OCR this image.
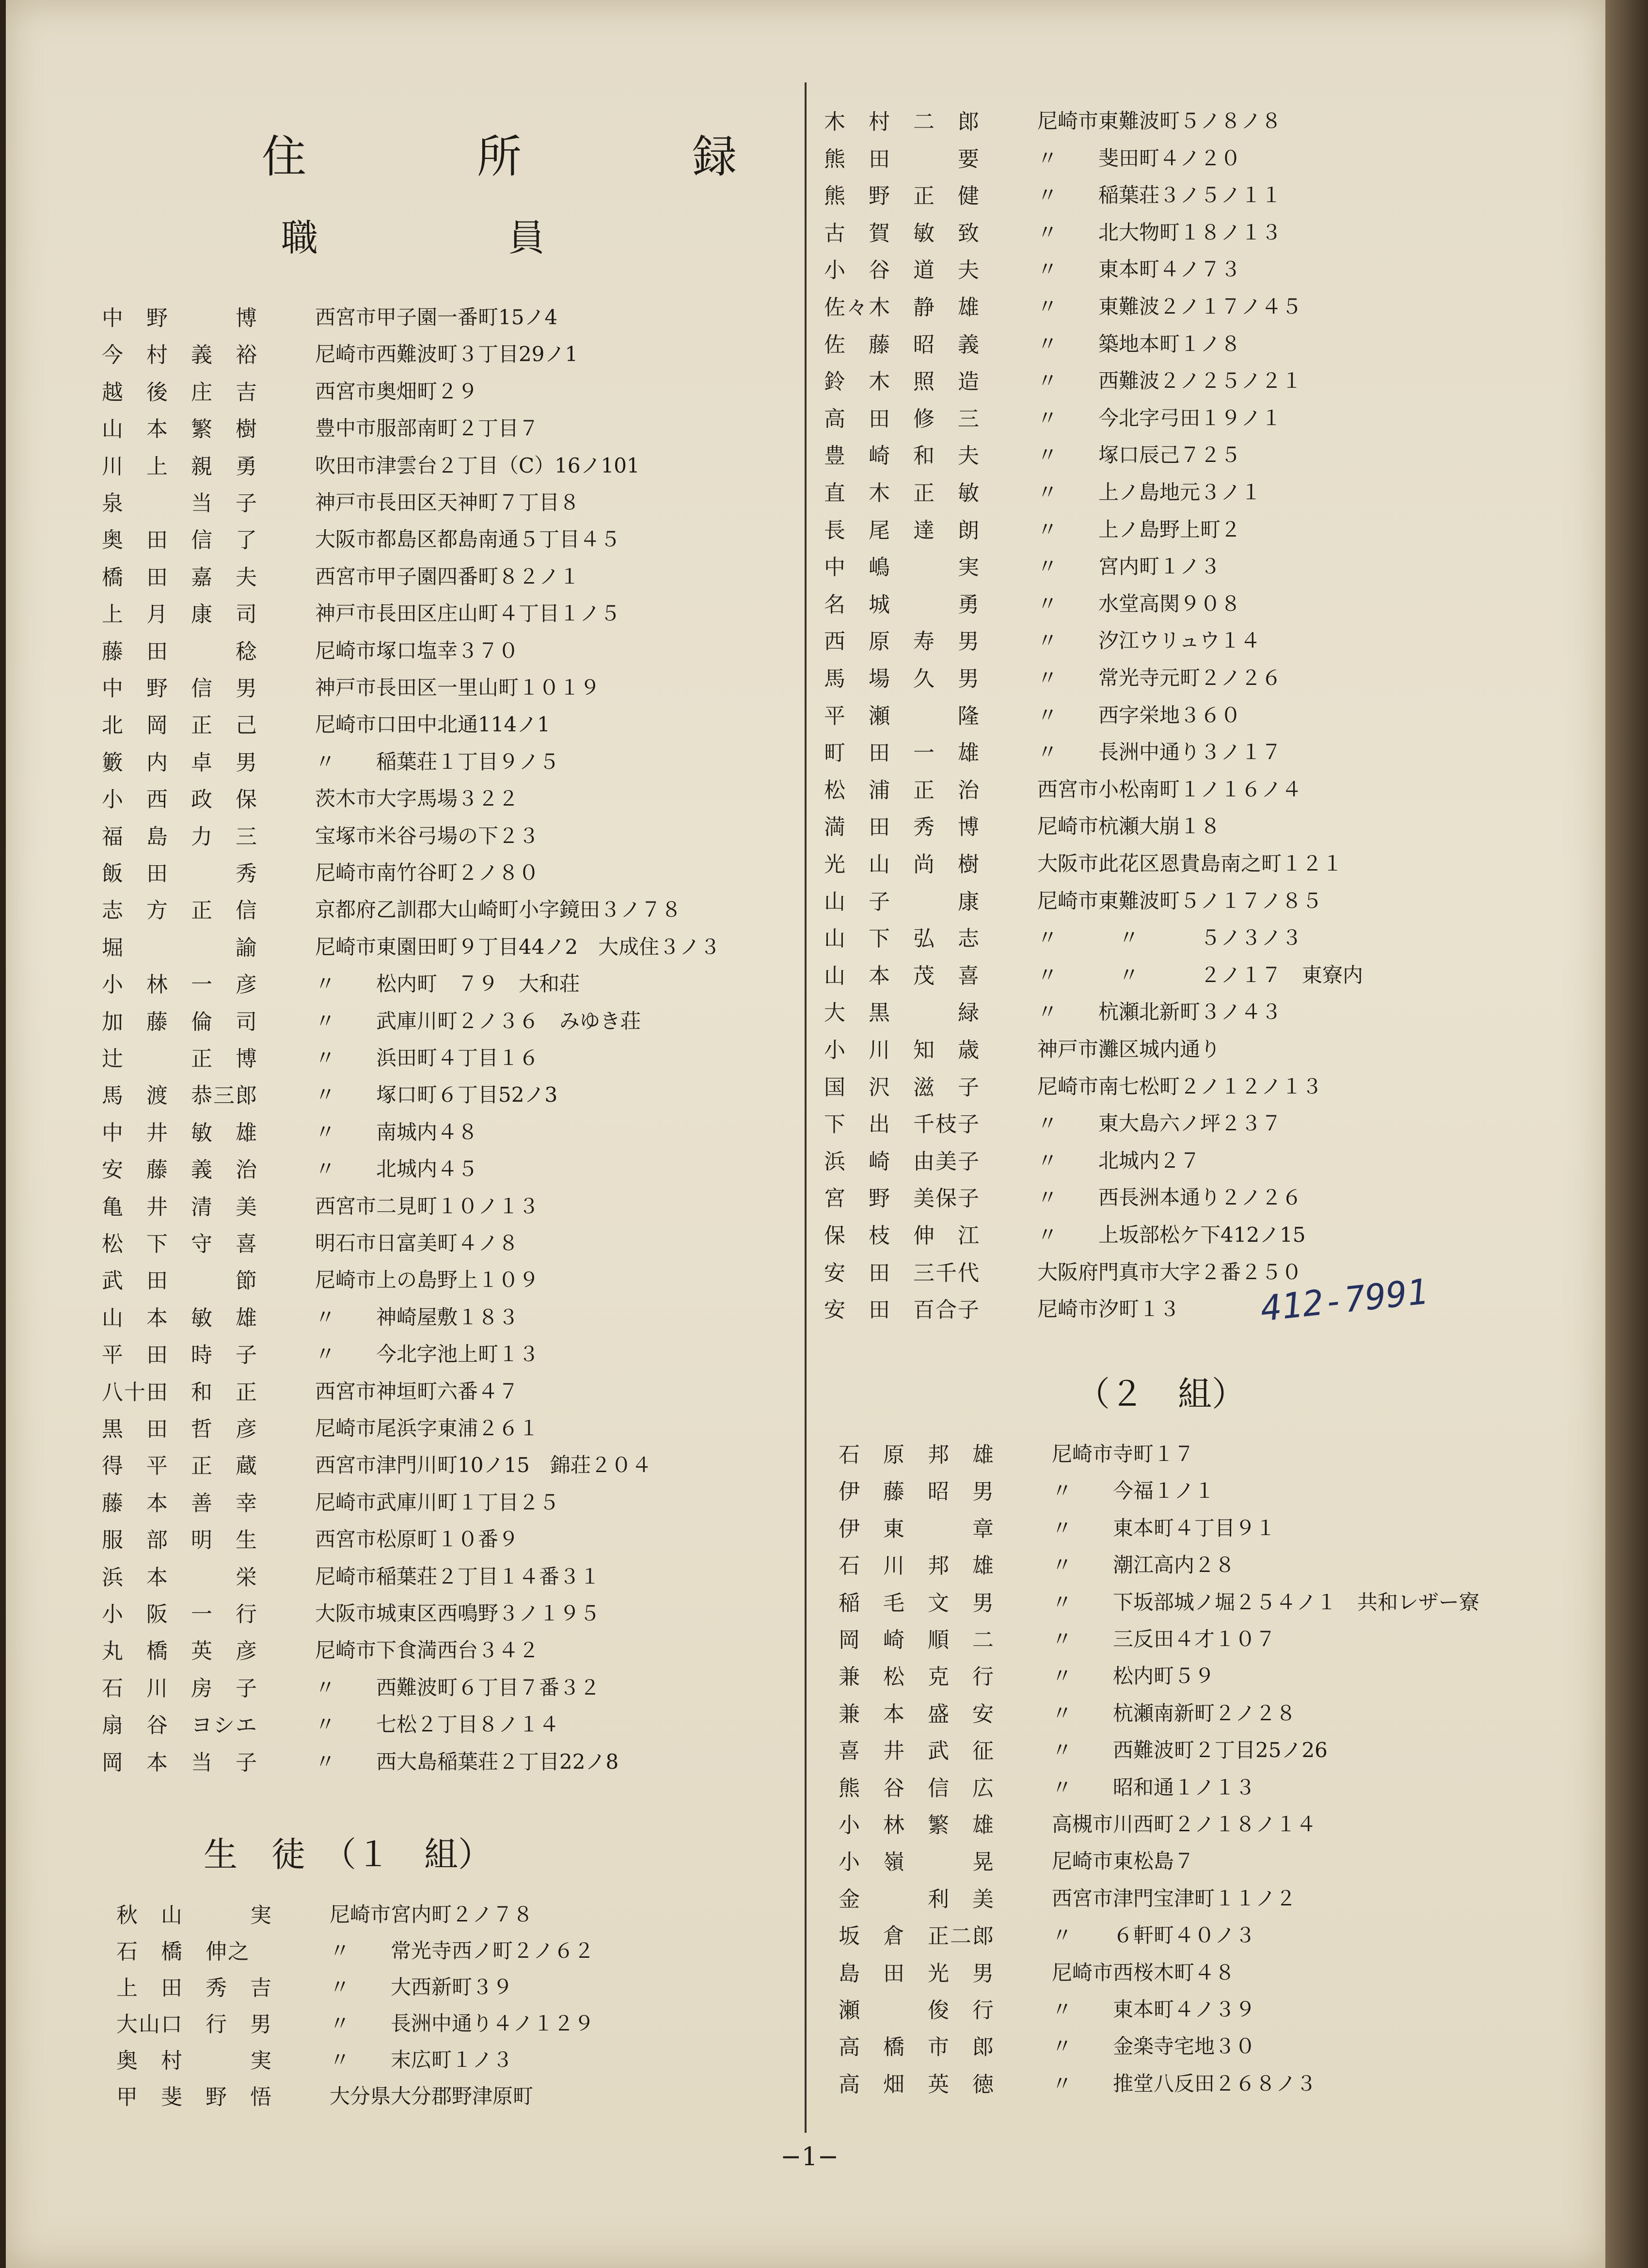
住　所　録
職　　員
中　野　　　博	西宮市甲子園一番町15ノ4
今　村　義　裕	尼崎市西難波町３丁目29ノ1
越　後　庄　吉	西宮市奥畑町２９
山　本　繁　樹	豊中市服部南町２丁目７
川　上　親　勇	吹田市津雲台２丁目（C）16ノ101
泉　　　当　子	神戸市長田区天神町７丁目８
奥　田　信　了	大阪市都島区都島南通５丁目４５
橋　田　嘉　夫	西宮市甲子園四番町８２ノ１
上　月　康　司	神戸市長田区庄山町４丁目１ノ５
藤　田　　　稔	尼崎市塚口塩幸３７０
中　野　信　男	神戸市長田区一里山町１０１９
北　岡　正　己	尼崎市口田中北通114ノ1
籔　内　卓　男	〃　　稲葉荘１丁目９ノ５
小　西　政　保	茨木市大字馬場３２２
福　島　力　三	宝塚市米谷弓場の下２３
飯　田　　　秀	尼崎市南竹谷町２ノ８０
志　方　正　信	京都府乙訓郡大山崎町小字鏡田３ノ７８
堀　　　　　諭	尼崎市東園田町９丁目44ノ2　大成住３ノ３
小　林　一　彦	〃　　松内町　７９　大和荘
加　藤　倫　司	〃　　武庫川町２ノ３６　みゆき荘
辻　　　正　博	〃　　浜田町４丁目１６
馬　渡　恭三郎	〃　　塚口町６丁目52ノ3
中　井　敏　雄	〃　　南城内４８
安　藤　義　治	〃　　北城内４５
亀　井　清　美	西宮市二見町１０ノ１３
松　下　守　喜	明石市日富美町４ノ８
武　田　　　節	尼崎市上の島野上１０９
山　本　敏　雄	〃　　神崎屋敷１８３
平　田　時　子	〃　　今北字池上町１３
八十田　和　正	西宮市神垣町六番４７
黒　田　哲　彦	尼崎市尾浜字東浦２６１
得　平　正　蔵	西宮市津門川町10ノ15　錦荘２０４
藤　本　善　幸	尼崎市武庫川町１丁目２５
服　部　明　生	西宮市松原町１０番９
浜　本　　　栄	尼崎市稲葉荘２丁目１４番３１
小　阪　一　行	大阪市城東区西鳴野３ノ１９５
丸　橋　英　彦	尼崎市下食満西台３４２
石　川　房　子	〃　　西難波町６丁目７番３２
扇　谷　ヨシエ	〃　　七松２丁目８ノ１４
岡　本　当　子	〃　　西大島稲葉荘２丁目22ノ8
生　徒　（１　組）
秋　山　　　実	尼崎市宮内町２ノ７８
石　橋　伸之	〃　　常光寺西ノ町２ノ６２
上　田　秀　吉	〃　　大西新町３９
大山口　行　男	〃　　長洲中通り４ノ１２９
奥　村　　　実	〃　　末広町１ノ３
甲　斐　野　悟	大分県大分郡野津原町
木　村　二　郎	尼崎市東難波町５ノ８ノ８
熊　田　　　要	〃　　斐田町４ノ２０
熊　野　正　健	〃　　稲葉荘３ノ５ノ１１
古　賀　敏　致	〃　　北大物町１８ノ１３
小　谷　道　夫	〃　　東本町４ノ７３
佐々木　静　雄	〃　　東難波２ノ１７ノ４５
佐　藤　昭　義	〃　　築地本町１ノ８
鈴　木　照　造	〃　　西難波２ノ２５ノ２１
高　田　修　三	〃　　今北字弓田１９ノ１
豊　崎　和　夫	〃　　塚口辰己７２５
直　木　正　敏	〃　　上ノ島地元３ノ１
長　尾　達　朗	〃　　上ノ島野上町２
中　嶋　　　実	〃　　宮内町１ノ３
名　城　　　勇	〃　　水堂高関９０８
西　原　寿　男	〃　　汐江ウリュウ１４
馬　場　久　男	〃　　常光寺元町２ノ２６
平　瀬　　　隆	〃　　西字栄地３６０
町　田　一　雄	〃　　長洲中通り３ノ１７
松　浦　正　治	西宮市小松南町１ノ１６ノ４
満　田　秀　博	尼崎市杭瀬大崩１８
光　山　尚　樹	大阪市此花区恩貴島南之町１２１
山　子　　　康	尼崎市東難波町５ノ１７ノ８５
山　下　弘　志	〃　　　〃　　　５ノ３ノ３
山　本　茂　喜	〃　　　〃　　　２ノ１７　東寮内
大　黒　　　緑	〃　　杭瀬北新町３ノ４３
小　川　知　歳	神戸市灘区城内通り
国　沢　滋　子	尼崎市南七松町２ノ１２ノ１３
下　出　千枝子	〃　　東大島六ノ坪２３７
浜　崎　由美子	〃　　北城内２７
宮　野　美保子	〃　　西長洲本通り２ノ２６
保　枝　伸　江	〃　　上坂部松ケ下412ノ15
安　田　三千代	大阪府門真市大字２番２５０
安　田　百合子	尼崎市汐町１３ 412-7991
（２　組）
石　原　邦　雄	尼崎市寺町１７
伊　藤　昭　男	〃　　今福１ノ１
伊　東　　　章	〃　　東本町４丁目９１
石　川　邦　雄	〃　　潮江高内２８
稲　毛　文　男	〃　　下坂部城ノ堀２５４ノ１　共和レザー寮
岡　崎　順　二	〃　　三反田４才１０７
兼　松　克　行	〃　　松内町５９
兼　本　盛　安	〃　　杭瀬南新町２ノ２８
喜　井　武　征	〃　　西難波町２丁目25ノ26
熊　谷　信　広	〃　　昭和通１ノ１３
小　林　繁　雄	高槻市川西町２ノ１８ノ１４
小　嶺　　　晃	尼崎市東松島７
金　　　利　美	西宮市津門宝津町１１ノ２
坂　倉　正二郎	〃　　６軒町４０ノ３
島　田　光　男	尼崎市西桜木町４８
瀬　　　俊　行	〃　　東本町４ノ３９
高　橋　市　郎	〃　　金楽寺宅地３０
高　畑　英　徳	〃　　推堂八反田２６８ノ３
−1−
